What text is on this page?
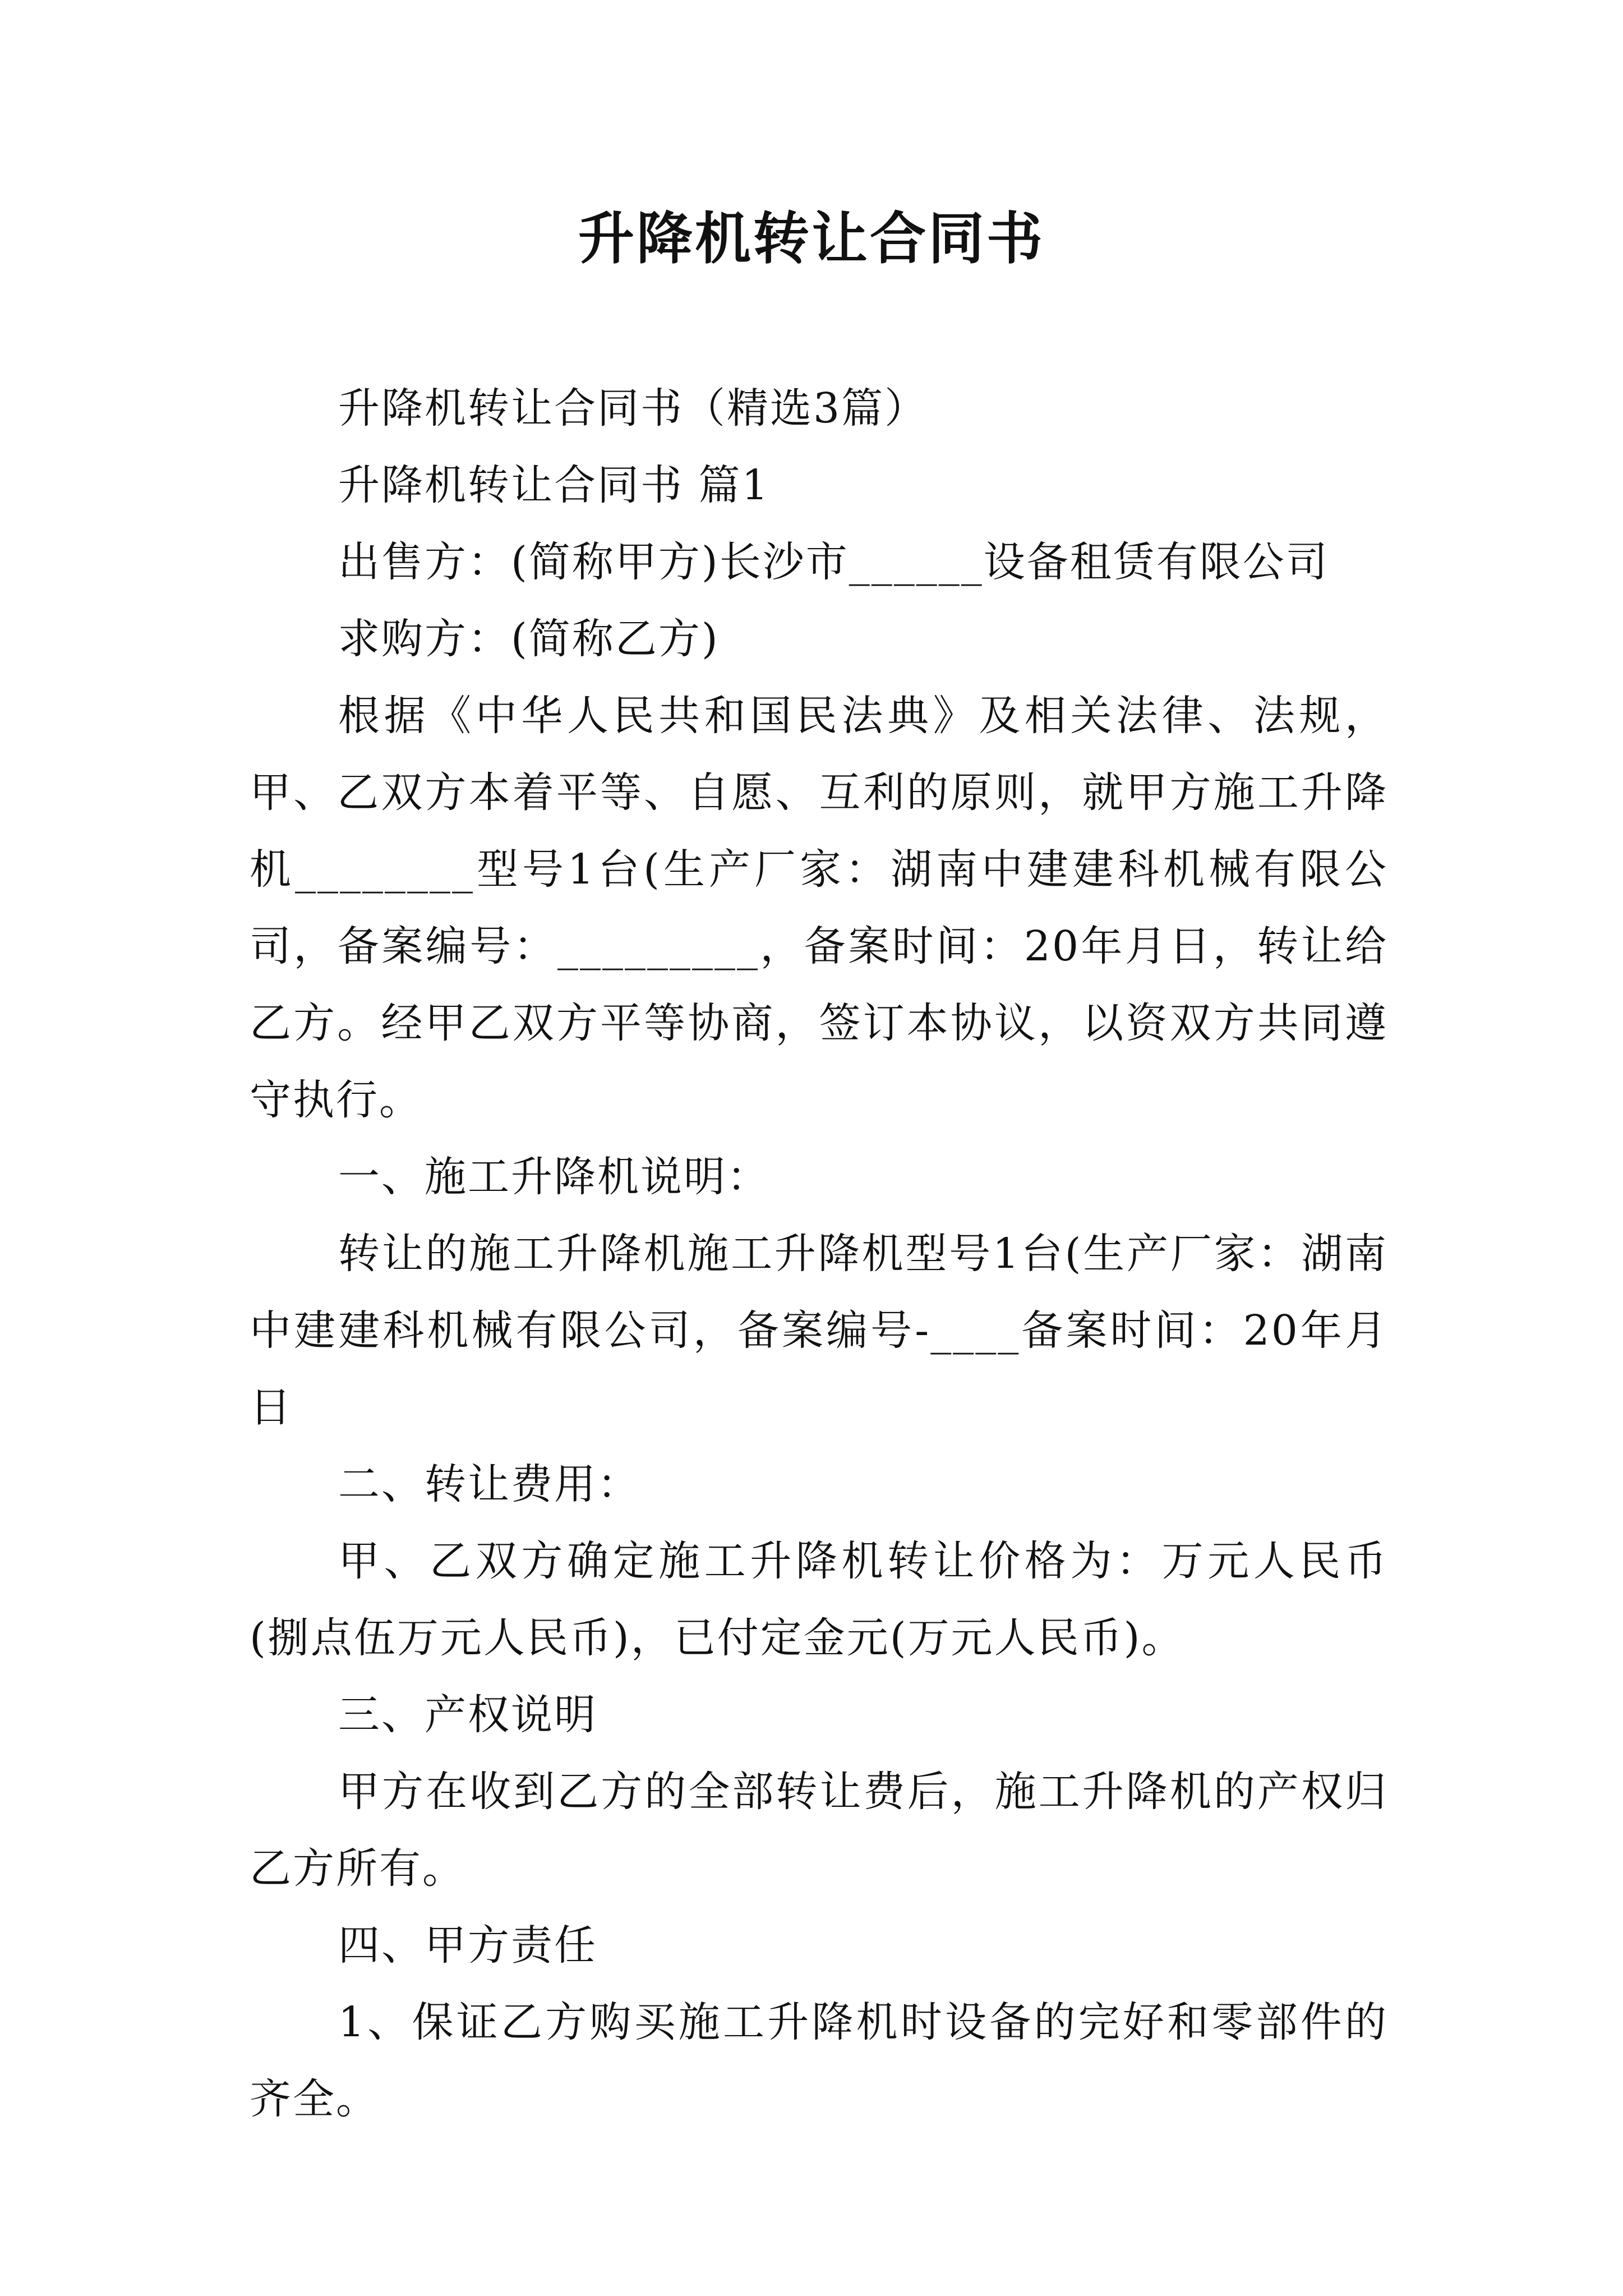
升降机转让合同书

升降机转让合同书（精选3篇）

升降机转让合同书 篇1

出售方：(简称甲方)长沙市______设备租赁有限公司

求购方：(简称乙方)

根据《中华人民共和国民法典》及相关法律、法规，甲、乙双方本着平等、自愿、互利的原则，就甲方施工升降机________型号1台(生产厂家：湖南中建建科机械有限公司，备案编号：_________，备案时间：20年月日，转让给乙方。经甲乙双方平等协商，签订本协议，以资双方共同遵守执行。

一、施工升降机说明：

转让的施工升降机施工升降机型号1台(生产厂家：湖南中建建科机械有限公司，备案编号-____备案时间：20年月日

二、转让费用：

甲、乙双方确定施工升降机转让价格为：万元人民币(捌点伍万元人民币)，已付定金元(万元人民币)。

三、产权说明

甲方在收到乙方的全部转让费后，施工升降机的产权归乙方所有。

四、甲方责任

1、保证乙方购买施工升降机时设备的完好和零部件的齐全。
